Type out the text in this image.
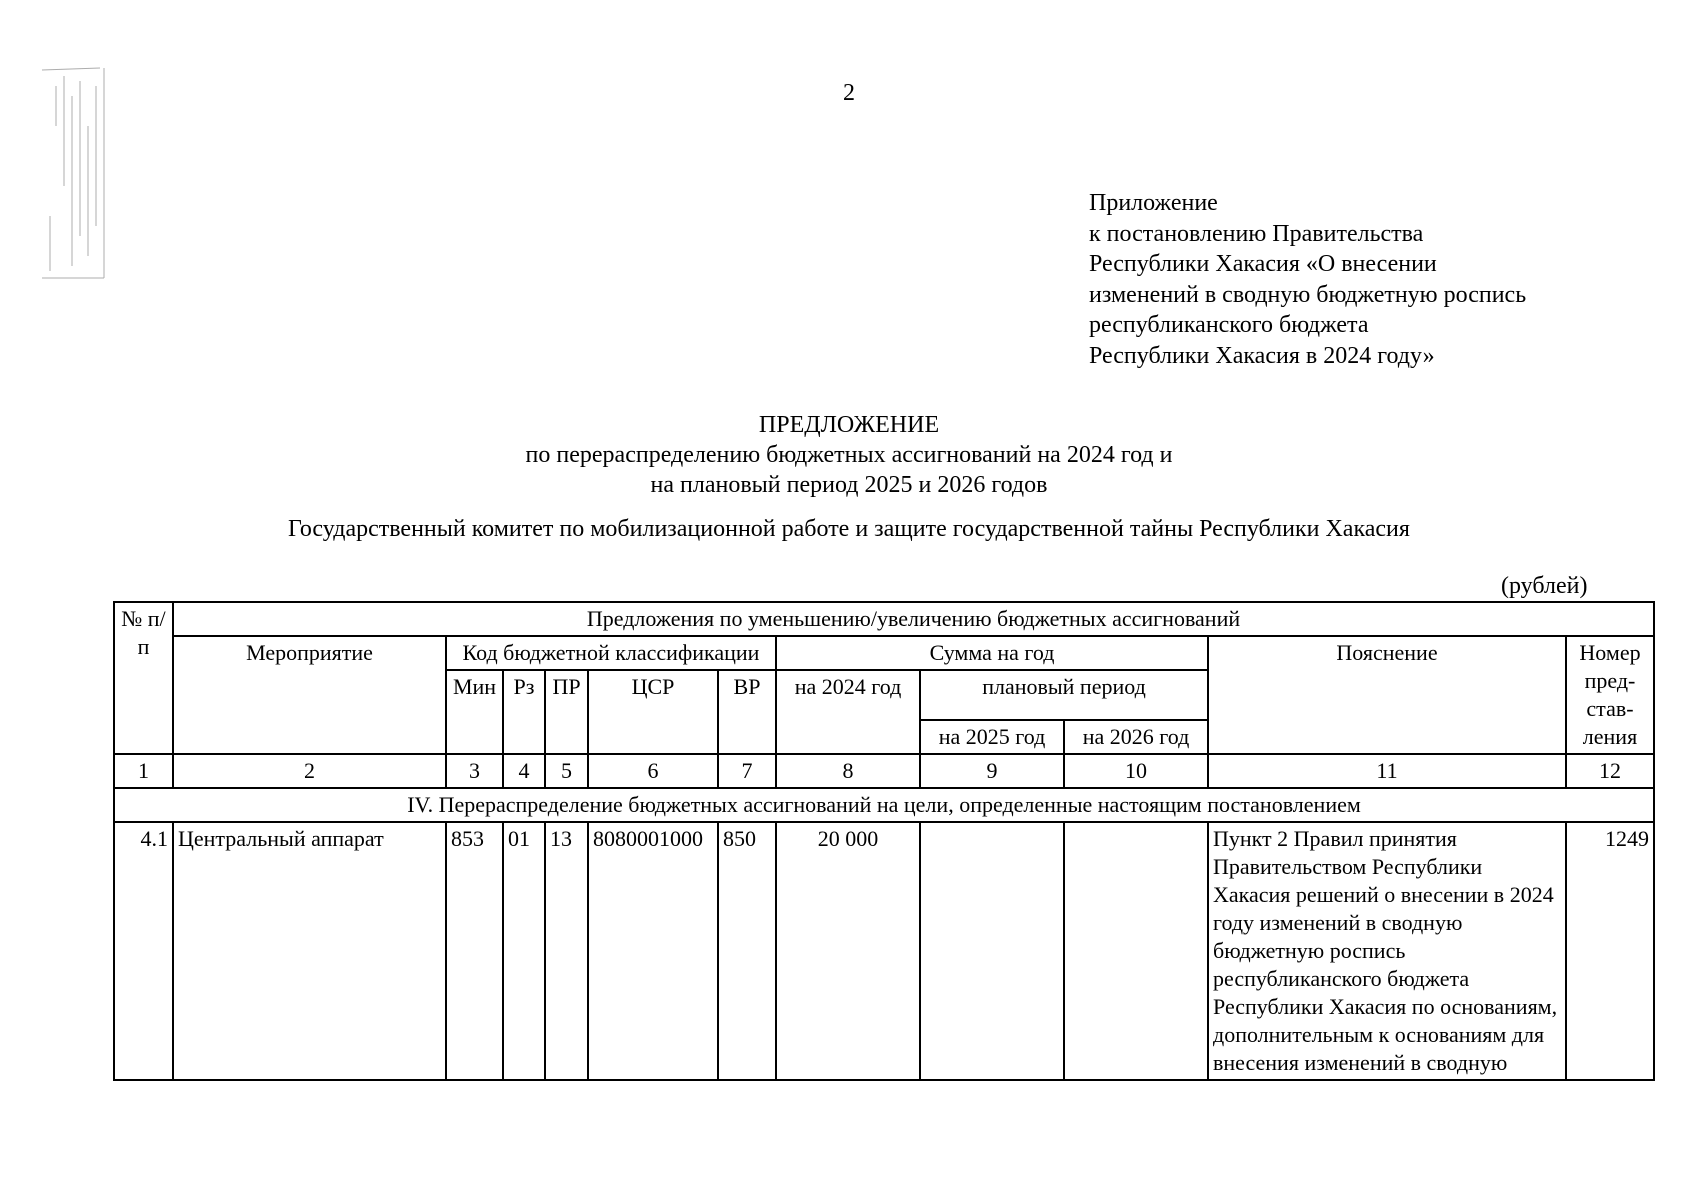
2
Приложение
к постановлению Правительства
Республики Хакасия «О внесении
изменений в сводную бюджетную роспись
республиканского бюджета
Республики Хакасия в 2024 году»
ПРЕДЛОЖЕНИЕ
по перераспределению бюджетных ассигнований на 2024 год и
на плановый период 2025 и 2026 годов
Государственный комитет по мобилизационной работе и защите государственной тайны Республики Хакасия
(рублей)
№ п/п	Предложения по уменьшению/увеличению бюджетных ассигнований										
	Мероприятие	Код бюджетной классификации					Сумма на год			Пояснение	Номер пред-став-ления

		Мин	Рз	ПР	ЦСР	ВР	на 2024 год	плановый период			
								на 2025 год	на 2026 год		
1	2	3	4	5	6	7	8	9	10	11	12
IV. Перераспределение бюджетных ассигнований на цели, определенные настоящим постановлением											
4.1	Центральный аппарат	853	01	13	8080001000	850	20 000			Пункт 2 Правил принятия Правительством Республики Хакасия решений о внесении в 2024 году изменений в сводную бюджетную роспись республиканского бюджета Республики Хакасия по основаниям, дополнительным к основаниям для внесения изменений в сводную	1249
